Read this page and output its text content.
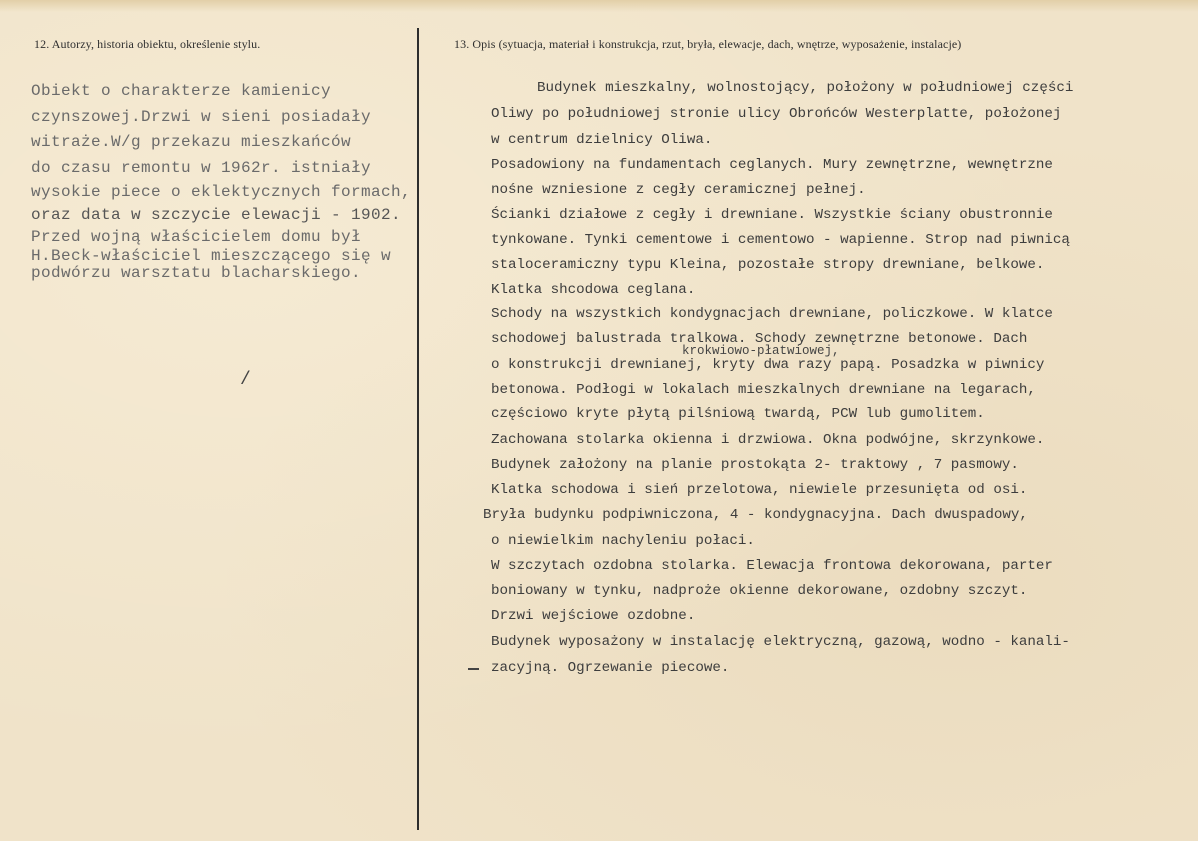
12. Autorzy, historia obiektu, określenie stylu.	13. Opis (sytuacja, materiał i konstrukcja, rzut, bryła, elewacje, dach, wnętrze, wyposażenie, instalacje)
Obiekt o charakterze kamienicy
czynszowej.Drzwi w sieni posiadały
witraże.W/g przekazu mieszkańców
do czasu remontu w 1962r. istniały
wysokie piece o eklektycznych formach,
oraz data w szczycie elewacji - 1902.
Przed wojną właścicielem domu był
H.Beck-właściciel mieszczącego się w
podwórzu warsztatu blacharskiego.
/
Budynek mieszkalny, wolnostojący, położony w południowej części
Oliwy po południowej stronie ulicy Obrońców Westerplatte, położonej
w centrum dzielnicy Oliwa.
Posadowiony na fundamentach ceglanych. Mury zewnętrzne, wewnętrzne
nośne wzniesione z cegły ceramicznej pełnej.
Ścianki działowe z cegły i drewniane. Wszystkie ściany obustronnie
tynkowane. Tynki cementowe i cementowo - wapienne. Strop nad piwnicą
staloceramiczny typu Kleina, pozostałe stropy drewniane, belkowe.
Klatka shcodowa ceglana.
Schody na wszystkich kondygnacjach drewniane, policzkowe. W klatce
schodowej balustrada tralkowa. Schody zewnętrzne betonowe. Dach
krokwiowo-płatwiowej,
o konstrukcji drewnianej, kryty dwa razy papą. Posadzka w piwnicy
betonowa. Podłogi w lokalach mieszkalnych drewniane na legarach,
częściowo kryte płytą pilśniową twardą, PCW lub gumolitem.
Zachowana stolarka okienna i drzwiowa. Okna podwójne, skrzynkowe.
Budynek założony na planie prostokąta 2- traktowy , 7 pasmowy.
Klatka schodowa i sień przelotowa, niewiele przesunięta od osi.
Bryła budynku podpiwniczona, 4 - kondygnacyjna. Dach dwuspadowy,
o niewielkim nachyleniu połaci.
W szczytach ozdobna stolarka. Elewacja frontowa dekorowana, parter
boniowany w tynku, nadproże okienne dekorowane, ozdobny szczyt.
Drzwi wejściowe ozdobne.
Budynek wyposażony w instalację elektryczną, gazową, wodno - kanali-
zacyjną. Ogrzewanie piecowe.
